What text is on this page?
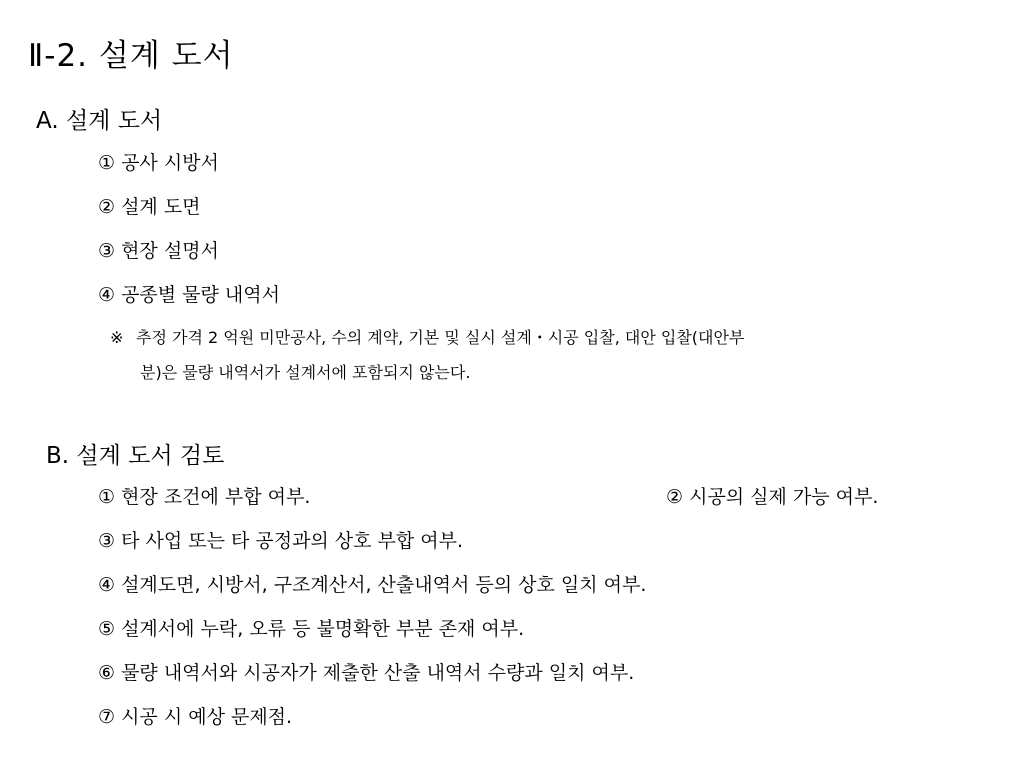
Ⅱ-2. 설계 도서
A. 설계 도서
① 공사 시방서
② 설계 도면
③ 현장 설명서
④ 공종별 물량 내역서
※ 추정 가격 2 억원 미만공사, 수의 계약, 기본 및 실시 설계・시공 입찰, 대안 입찰(대안부
분)은 물량 내역서가 설계서에 포함되지 않는다.
B. 설계 도서 검토
① 현장 조건에 부합 여부.	② 시공의 실제 가능 여부.
③ 타 사업 또는 타 공정과의 상호 부합 여부.
④ 설계도면, 시방서, 구조계산서, 산출내역서 등의 상호 일치 여부.
⑤ 설계서에 누락, 오류 등 불명확한 부분 존재 여부.
⑥ 물량 내역서와 시공자가 제출한 산출 내역서 수량과 일치 여부.
⑦ 시공 시 예상 문제점.
